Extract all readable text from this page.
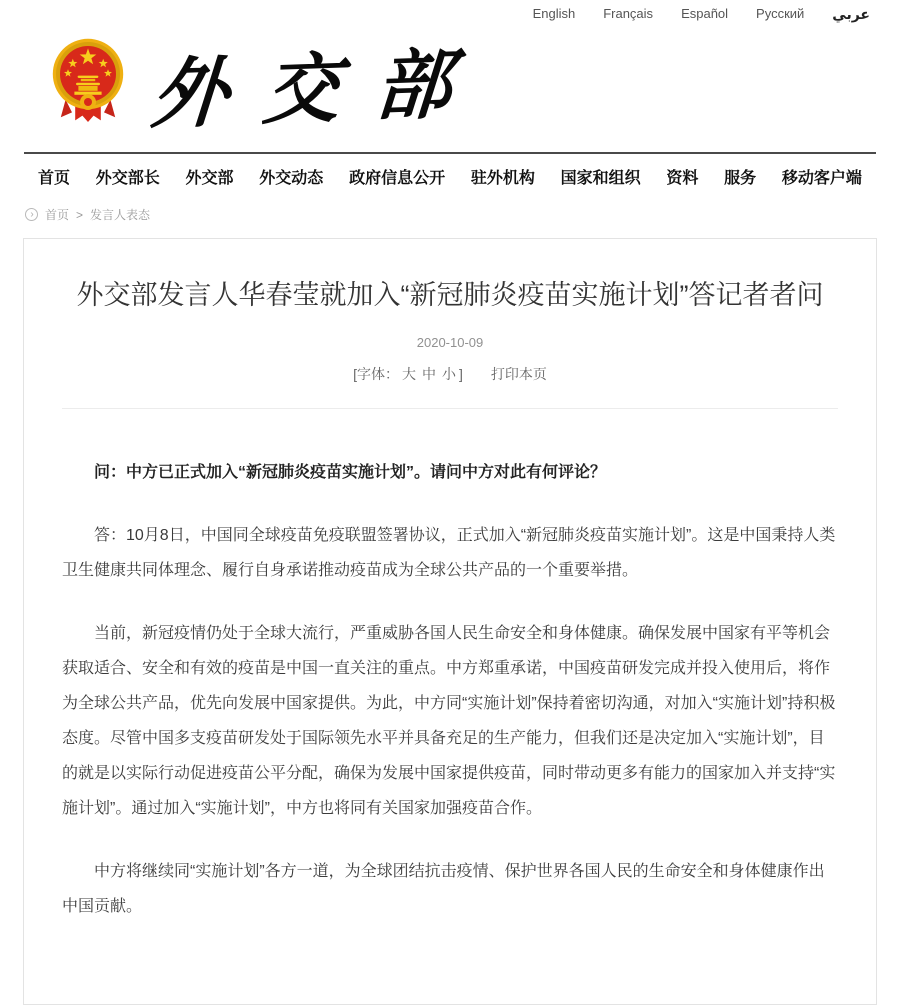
English Français Español Русский عربي
外交部
首页 外交部长 外交部 外交动态 政府信息公开 驻外机构 国家和组织 资料 服务 移动客户端
› 首页 > 发言人表态
外交部发言人华春莹就加入“新冠肺炎疫苗实施计划”答记者者问
2020-10-09
[字体： 大 中 小 ] 打印本页

问：中方已正式加入“新冠肺炎疫苗实施计划”。请问中方对此有何评论？

答：10月8日，中国同全球疫苗免疫联盟签署协议，正式加入“新冠肺炎疫苗实施计划”。这是中国秉持人类卫生健康共同体理念、履行自身承诺推动疫苗成为全球公共产品的一个重要举措。

当前，新冠疫情仍处于全球大流行，严重威胁各国人民生命安全和身体健康。确保发展中国家有平等机会获取适合、安全和有效的疫苗是中国一直关注的重点。中方郑重承诺，中国疫苗研发完成并投入使用后，将作为全球公共产品，优先向发展中国家提供。为此，中方同“实施计划”保持着密切沟通，对加入“实施计划”持积极态度。尽管中国多支疫苗研发处于国际领先水平并具备充足的生产能力，但我们还是决定加入“实施计划”，目的就是以实际行动促进疫苗公平分配，确保为发展中国家提供疫苗，同时带动更多有能力的国家加入并支持“实施计划”。通过加入“实施计划”，中方也将同有关国家加强疫苗合作。

中方将继续同“实施计划”各方一道，为全球团结抗击疫情、保护世界各国人民的生命安全和身体健康作出中国贡献。
